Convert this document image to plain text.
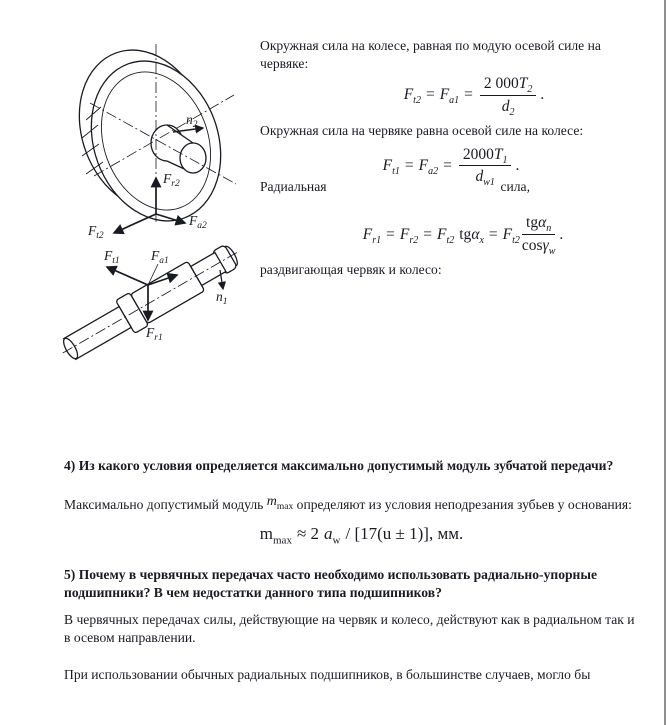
$n_2$
$F_{r2}$
$F_{t2}$
$F_{a2}$
$F_{t1}$ $F_{a1}$
$F_{r1}$
$n_1$

Окружная сила на колесе, равная по модую осевой силе на червяке:

$F_{t2} = F_{a1} = \frac{2 000T_2}{d_2}$ .

Окружная сила на червяке равна осевой силе на колесе:

$F_{t1} = F_{a2} = \frac{2000T_1}{d_{w1}}$ .
Радиальная	сила,
$F_{r1} = F_{r2} = F_{t2}$ $tg\alpha_x = F_{t2} \frac{tg\alpha_n}{\cos\gamma_w}$ .

раздвигающая червяк и колесо:

4) Из какого условия определяется максимально допустимый модуль зубчатой передачи?

Максимально допустимый модуль $m_{max}$ определяют из условия неподрезания зубьев у основания:

$m_{max} \approx 2$ $a_w / [17(u \pm 1)]$, мм.

5) Почему в червячных передачах часто необходимо использовать радиально-упорные подшипники? В чем недостатки данного типа подшипников?

В червячных передачах силы, действующие на червяк и колесо, действуют как в радиальном так и в осевом направлении.

При использовании обычных радиальных подшипников, в большинстве случаев, могло бы
